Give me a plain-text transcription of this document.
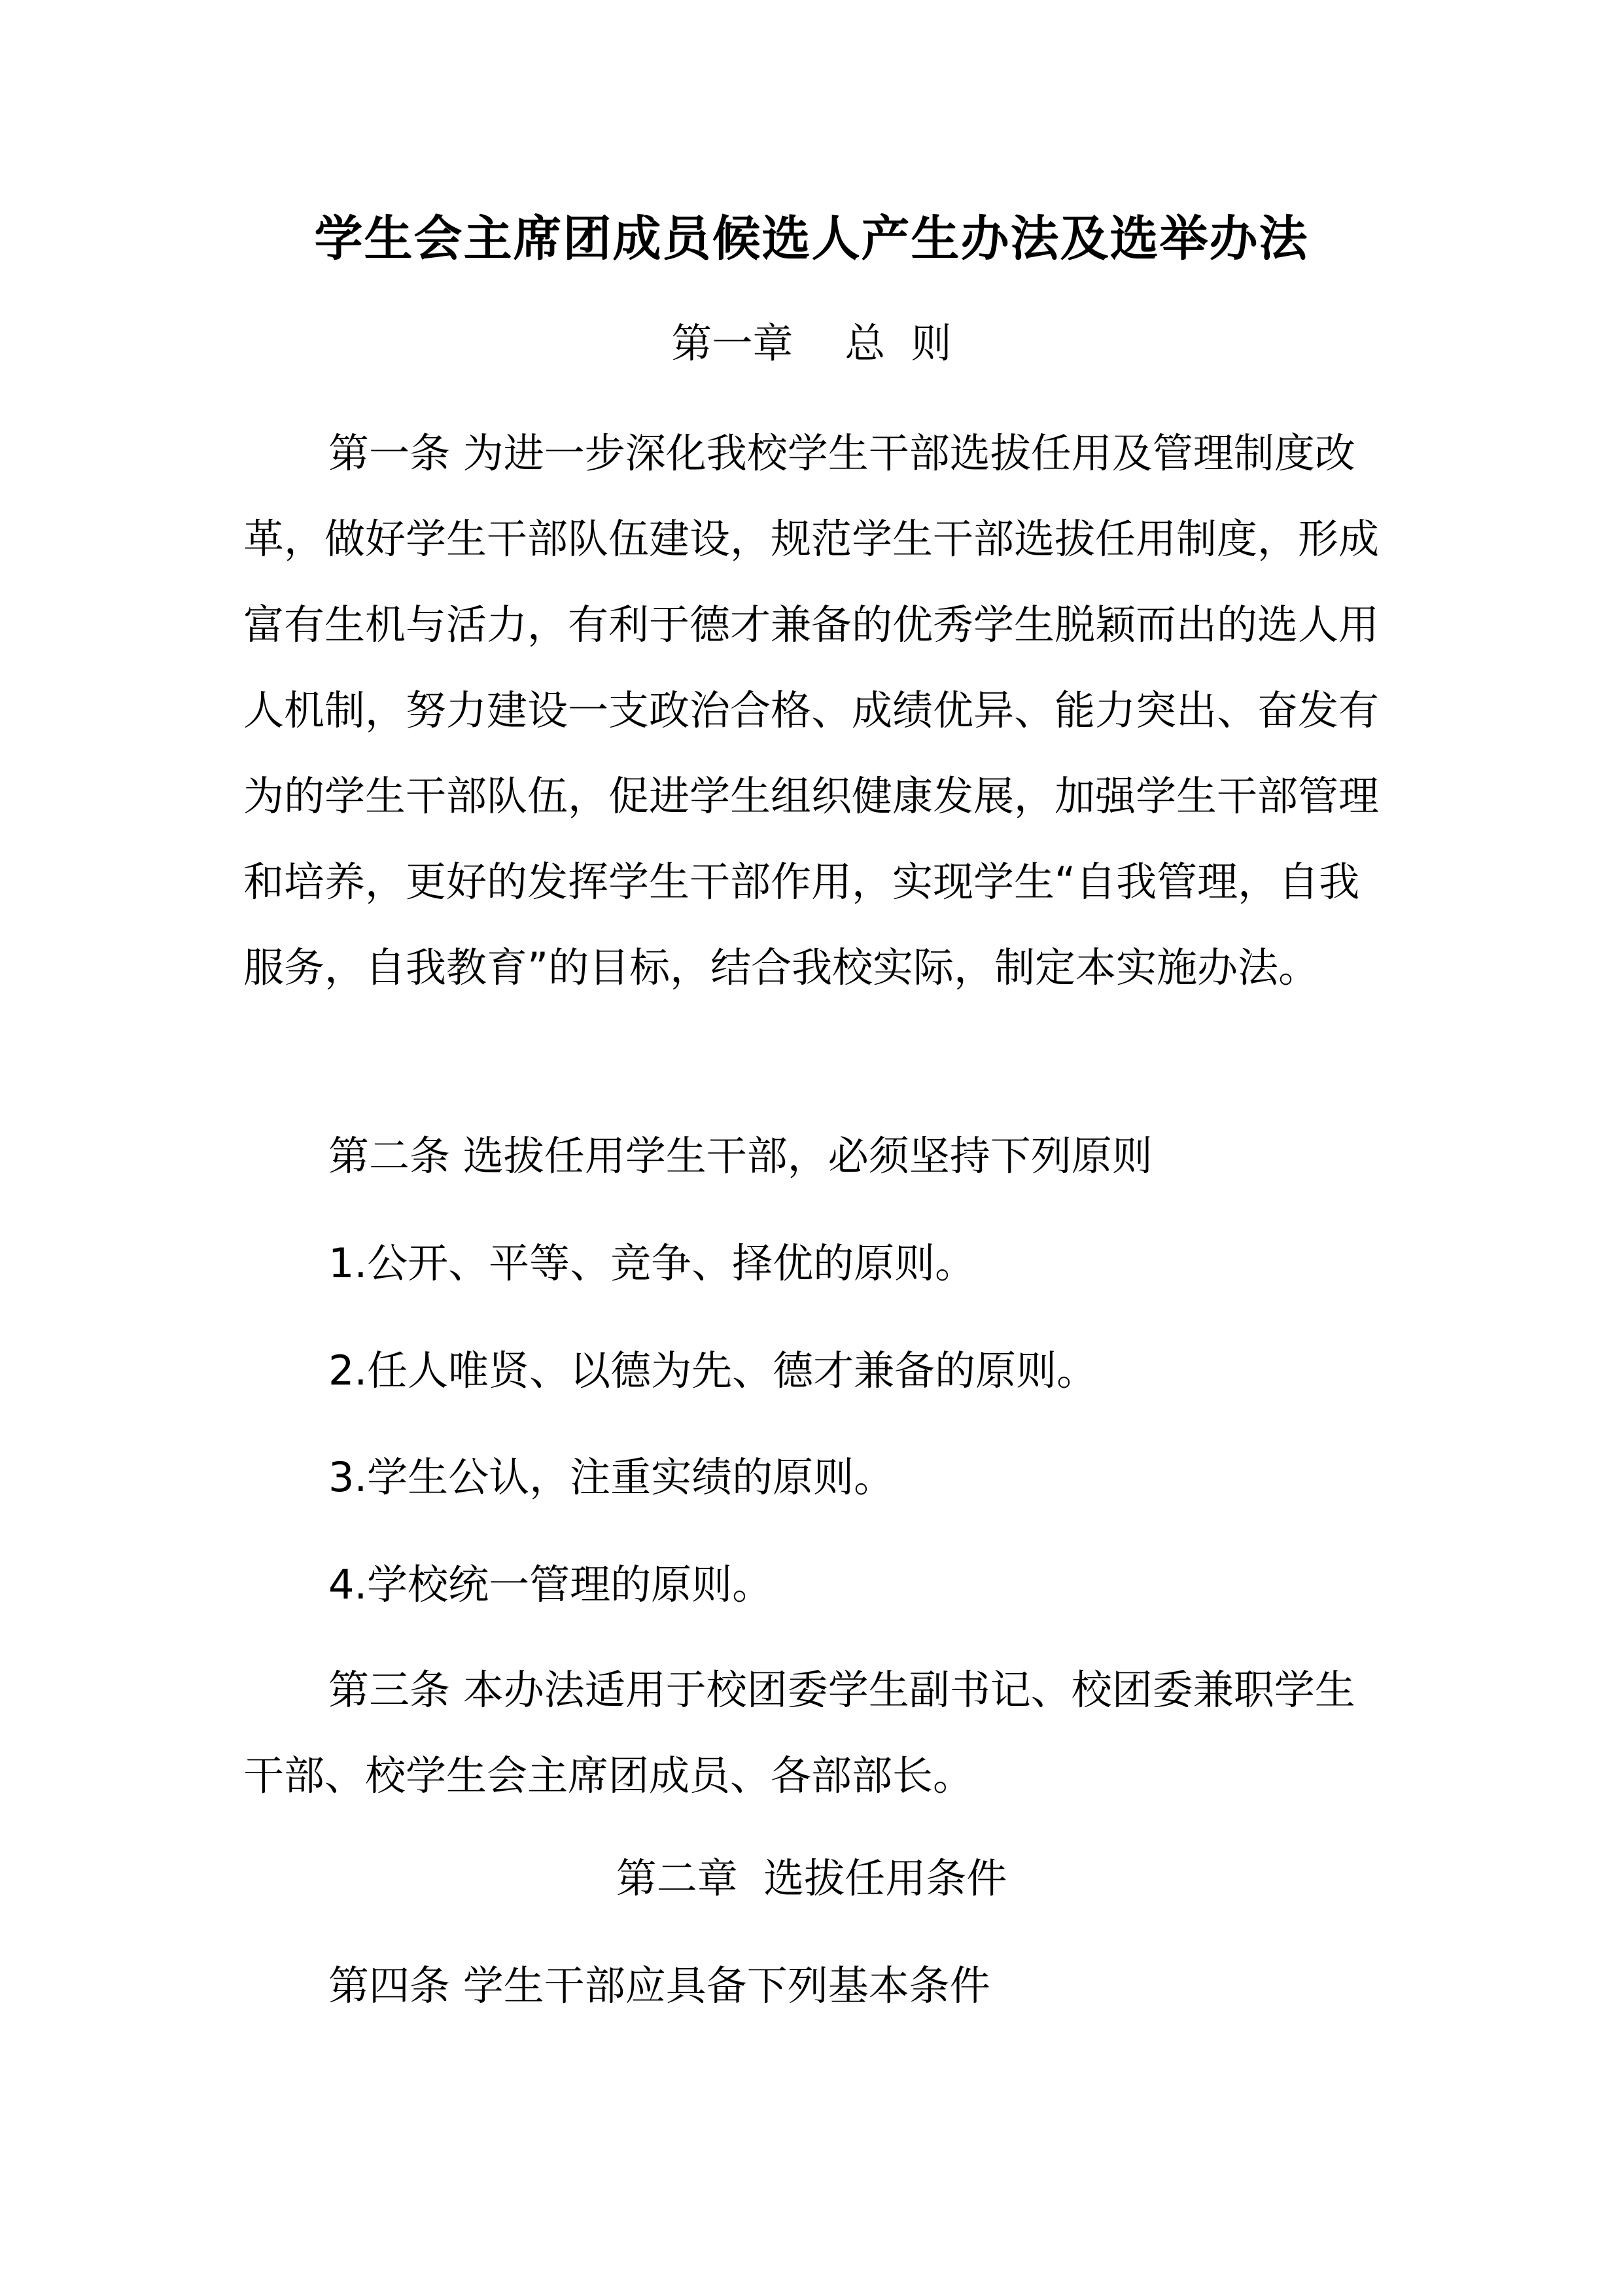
学生会主席团成员候选人产生办法及选举办法
第一章    总  则

第一条 为进一步深化我校学生干部选拔任用及管理制度改革，做好学生干部队伍建设，规范学生干部选拔任用制度，形成富有生机与活力，有利于德才兼备的优秀学生脱颖而出的选人用人机制，努力建设一支政治合格、成绩优异、能力突出、奋发有为的学生干部队伍，促进学生组织健康发展，加强学生干部管理和培养，更好的发挥学生干部作用，实现学生“自我管理，自我服务，自我教育”的目标，结合我校实际，制定本实施办法。

第二条 选拔任用学生干部，必须坚持下列原则
1.公开、平等、竞争、择优的原则。
2.任人唯贤、以德为先、德才兼备的原则。
3.学生公认，注重实绩的原则。
4.学校统一管理的原则。

第三条 本办法适用于校团委学生副书记、校团委兼职学生干部、校学生会主席团成员、各部部长。

第二章  选拔任用条件
第四条 学生干部应具备下列基本条件
